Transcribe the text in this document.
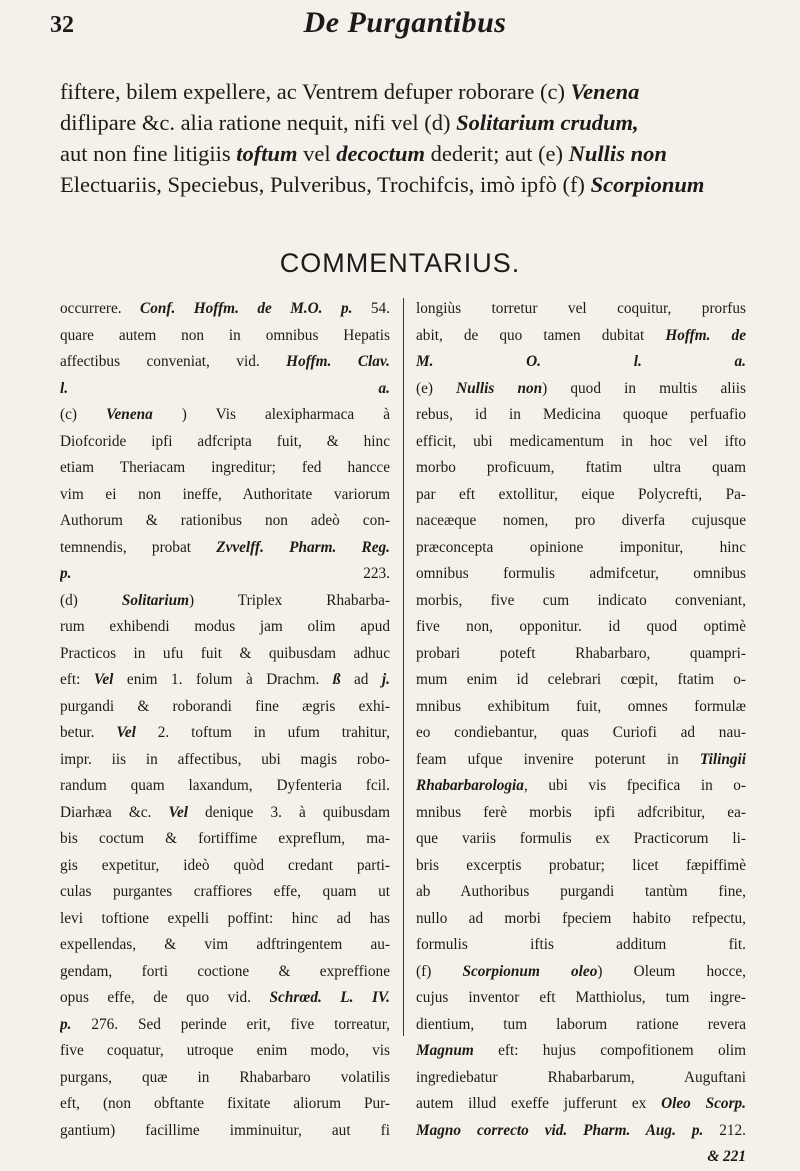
32	De Purgantibus
fiftere, bilem expellere, ac Ventrem defuper roborare (c) Venena
diflipare &c. alia ratione nequit, nifi vel (d) Solitarium crudum,
aut non fine litigiis toftum vel decoctum dederit; aut (e) Nullis non
Electuariis, Speciebus, Pulveribus, Trochifcis, imò ipfò (f) Scorpionum
COMMENTARIUS.
occurrere. Conf. Hoffm. de M.O. p. 54.
quare autem non in omnibus Hepatis
affectibus conveniat, vid. Hoffm. Clav.
l. a.
(c) Venena ) Vis alexipharmaca à
Diofcoride ipfi adfcripta fuit, & hinc
etiam Theriacam ingreditur; fed hancce
vim ei non ineffe, Authoritate variorum
Authorum & rationibus non adeò con-
temnendis, probat Zvvelff. Pharm. Reg.
p. 223.
(d) Solitarium) Triplex Rhabarba-
rum exhibendi modus jam olim apud
Practicos in ufu fuit & quibusdam adhuc
eft: Vel enim 1. folum à Drachm. ß ad j.
purgandi & roborandi fine ægris exhi-
betur. Vel 2. toftum in ufum trahitur,
impr. iis in affectibus, ubi magis robo-
randum quam laxandum, Dyfenteria fcil.
Diarhæa &c. Vel denique 3. à quibusdam
bis coctum & fortiffime expreflum, ma-
gis expetitur, ideò quòd credant parti-
culas purgantes craffiores effe, quam ut
levi toftione expelli poffint: hinc ad has
expellendas, & vim adftringentem au-
gendam, forti coctione & expreffione
opus effe, de quo vid. Schrœd. L. IV.
p. 276. Sed perinde erit, five torreatur,
five coquatur, utroque enim modo, vis
purgans, quæ in Rhabarbaro volatilis
eft, (non obftante fixitate aliorum Pur-
gantium) facillime imminuitur, aut fi
longiùs torretur vel coquitur, prorfus
abit, de quo tamen dubitat Hoffm. de
M. O. l. a.
(e) Nullis non) quod in multis aliis
rebus, id in Medicina quoque perfuafio
efficit, ubi medicamentum in hoc vel ifto
morbo proficuum, ftatim ultra quam
par eft extollitur, eique Polycrefti, Pa-
naceæque nomen, pro diverfa cujusque
præconcepta opinione imponitur, hinc
omnibus formulis admifcetur, omnibus
morbis, five cum indicato conveniant,
five non, opponitur. id quod optimè
probari poteft Rhabarbaro, quampri-
mum enim id celebrari cœpit, ftatim o-
mnibus exhibitum fuit, omnes formulæ
eo condiebantur, quas Curiofi ad nau-
feam ufque invenire poterunt in Tilingii
Rhabarbarologia, ubi vis fpecifica in o-
mnibus ferè morbis ipfi adfcribitur, ea-
que variis formulis ex Practicorum li-
bris excerptis probatur; licet fæpiffimè
ab Authoribus purgandi tantùm fine,
nullo ad morbi fpeciem habito refpectu,
formulis iftis additum fit.
(f) Scorpionum oleo) Oleum hocce,
cujus inventor eft Matthiolus, tum ingre-
dientium, tum laborum ratione revera
Magnum eft: hujus compofitionem olim
ingrediebatur Rhabarbarum, Auguftani
autem illud exeffe jufferunt ex Oleo Scorp.
Magno correcto vid. Pharm. Aug. p. 212.
& 221
